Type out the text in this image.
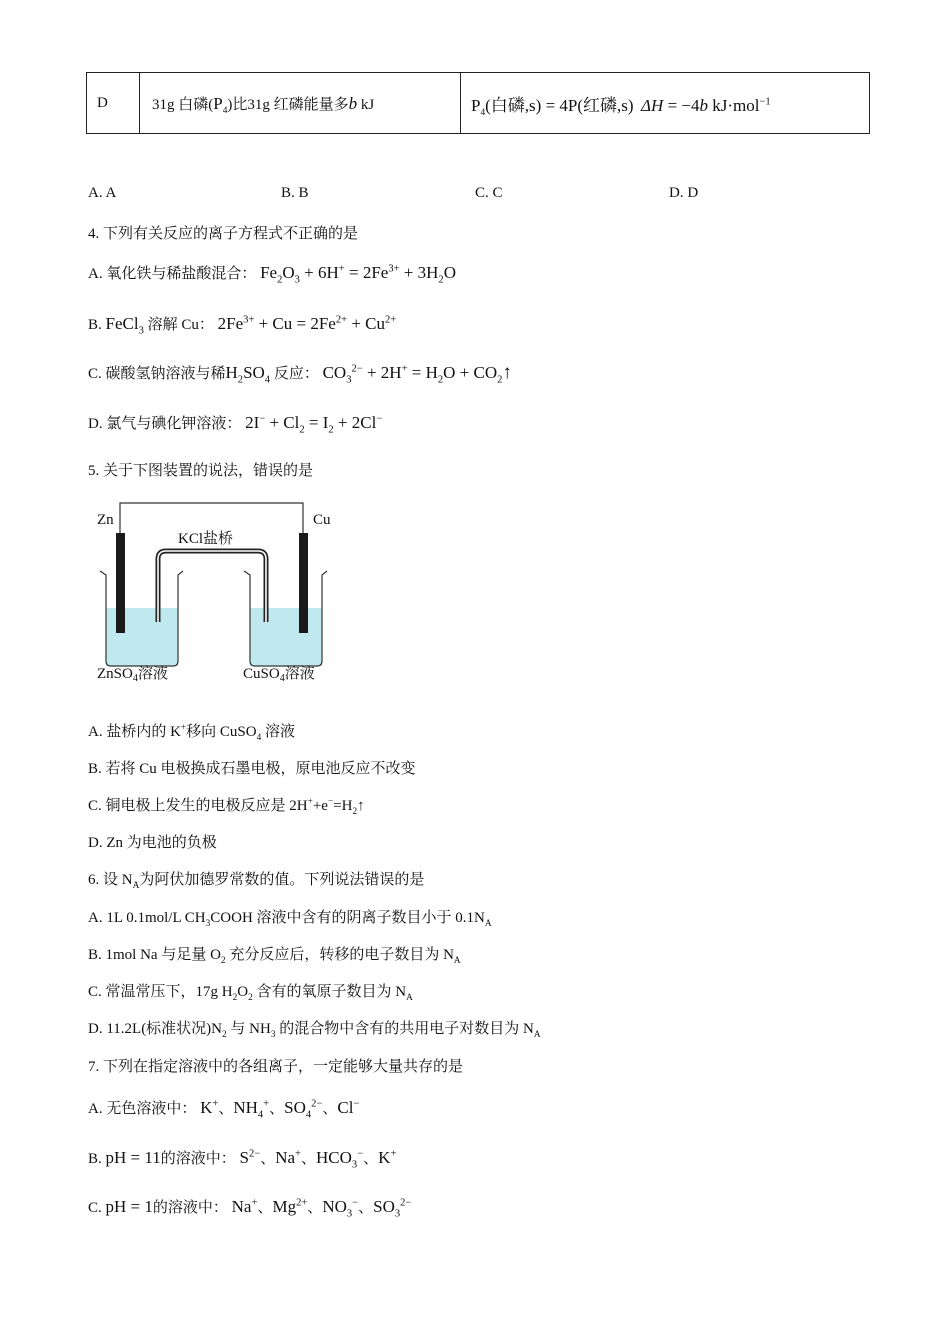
D	31g 白磷$(P_4)$比31g 红磷能量多b kJ	$P_4$(白磷,s) = 4P(红磷,s) ΔH = −4b kJ·mol$^{-1}$
A. A	B. B	C. C	D. D
4. 下列有关反应的离子方程式不正确的是
A. 氧化铁与稀盐酸混合： $Fe_2O_3 + 6H^+ = 2Fe^{3+} + 3H_2O$
B. FeCl$_3$ 溶解 Cu： $2Fe^{3+} + Cu = 2Fe^{2+} + Cu^{2+}$
C. 碳酸氢钠溶液与稀$H_2SO_4$ 反应： $CO_3^{2-} + 2H^+ = H_2O$ + $CO_2↑$
D. 氯气与碘化钾溶液： $2I^- + Cl_2 = I_2 + 2Cl^-$
5. 关于下图装置的说法，错误的是
Zn	Cu
KCl盐桥
ZnSO$_4$溶液	CuSO$_4$溶液
A. 盐桥内的 K+移向 CuSO$_4$ 溶液
B. 若将 Cu 电极换成石墨电极，原电池反应不改变
C. 铜电极上发生的电极反应是 $2H^++e^-=H_2↑$
D. Zn 为电池的负极
6. 设 $N_A$为阿伏加德罗常数的值。下列说法错误的是
A. 1L 0.1mol/L $CH_3COOH$ 溶液中含有的阴离子数目小于 $0.1N_A$
B. 1mol Na 与足量 $O_2$ 充分反应后，转移的电子数目为 $N_A$
C. 常温常压下，17g $H_2O_2$ 含有的氧原子数目为 $N_A$
D. 11.2L(标准状况)$N_2$ 与 $NH_3$ 的混合物中含有的共用电子对数目为 $N_A$
7. 下列在指定溶液中的各组离子，一定能够大量共存的是
A. 无色溶液中： K+、$NH_4^+$、$SO_4^{2-}$、Cl−
B. pH = 11的溶液中： $S^{2-}$、Na+、$HCO_3^-$、K+
C. pH = 1的溶液中： Na+、$Mg^{2+}$、$NO_3^-$、$SO_3^{2-}$
